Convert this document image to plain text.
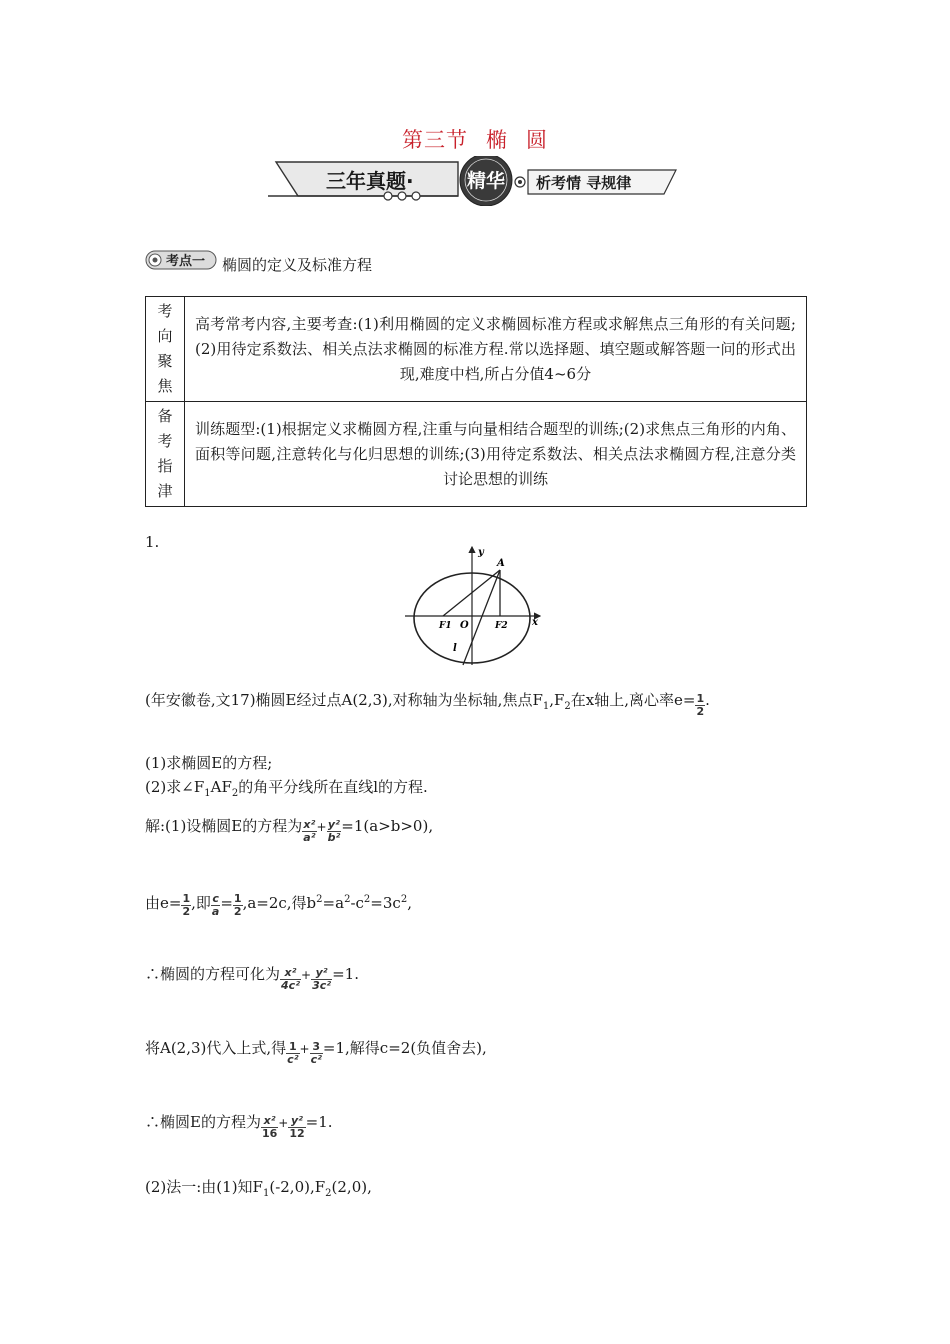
第三节 椭 圆
三年真题·	精华 析考情 寻规律
考点一 椭圆的定义及标准方程
考
向
聚
焦	高考常考内容,主要考查:(1)利用椭圆的定义求椭圆标准方程或求解焦点三角形的有关问题;(2)用待定系数法、相关点法求椭圆的标准方程.常以选择题、填空题或解答题一问的形式出现,难度中档,所占分值4~6分

备
考
指
津	训练题型:(1)根据定义求椭圆方程,注重与向量相结合题型的训练;(2)求焦点三角形的内角、面积等问题,注意转化与化归思想的训练;(3)用待定系数法、相关点法求椭圆方程,注意分类讨论思想的训练
1.
y
x
A
O
F1	F2
l
(年安徽卷,文17)椭圆E经过点A(2,3),对称轴为坐标轴,焦点$F_1,F_2$在x轴上,离心率$e= \frac{1}{2}$ .
(1)求椭圆E的方程;
(2)求$\angle F_1AF_2$的角平分线所在直线l的方程.
解:(1)设椭圆E的方程为 $\frac{\text{x²}}{\text{a²}} + \frac{\text{y²}}{\text{b²}} =1(a>b>0)$,
由$e= \frac{1}{2}$ ,即 $\frac{c}{a} = \frac{1}{2} ,a=2c$,得$b^2=a^2-c^2=3c^2$,
∴椭圆的方程可化为 $\frac{\text{x²}}{\text{4c²}} + \frac{\text{y²}}{\text{3c²}} =1$.
将A(2,3)代入上式,得 $\frac{1}{\text{c²}} + \frac{3}{\text{c²}} =1$,解得c=2(负值舍去),
∴椭圆E的方程为 $\frac{\text{x²}}{16} + \frac{\text{y²}}{12} =1$.
(2)法一:由(1)知$F_1(-2,0),F_2(2,0)$,
